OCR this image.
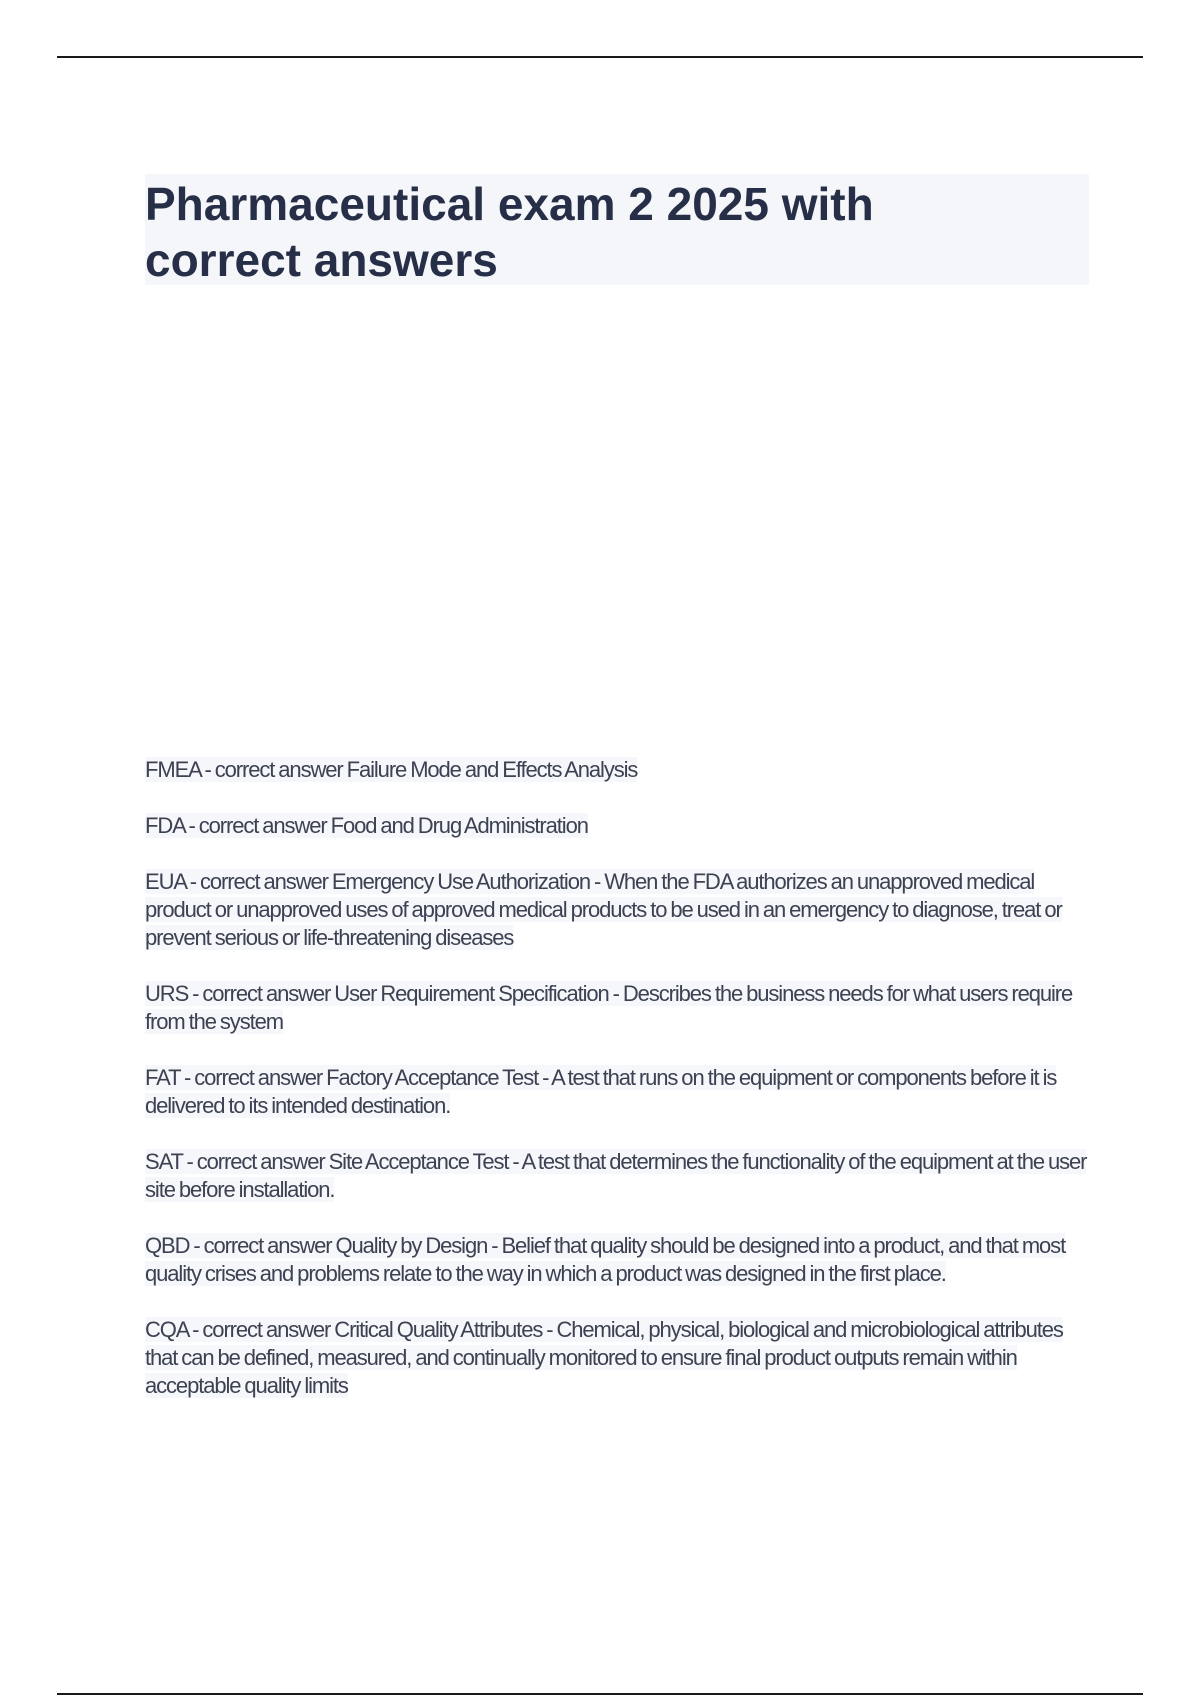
Pharmaceutical exam 2 2025 with
correct answers

FMEA - correct answer Failure Mode and Effects Analysis

FDA - correct answer Food and Drug Administration

EUA - correct answer Emergency Use Authorization - When the FDA authorizes an unapproved medical product or unapproved uses of approved medical products to be used in an emergency to diagnose, treat or prevent serious or life-threatening diseases

URS - correct answer User Requirement Specification - Describes the business needs for what users require from the system

FAT - correct answer Factory Acceptance Test - A test that runs on the equipment or components before it is delivered to its intended destination.

SAT - correct answer Site Acceptance Test - A test that determines the functionality of the equipment at the user site before installation.

QBD - correct answer Quality by Design - Belief that quality should be designed into a product, and that most quality crises and problems relate to the way in which a product was designed in the first place.

CQA - correct answer Critical Quality Attributes - Chemical, physical, biological and microbiological attributes that can be defined, measured, and continually monitored to ensure final product outputs remain within acceptable quality limits
